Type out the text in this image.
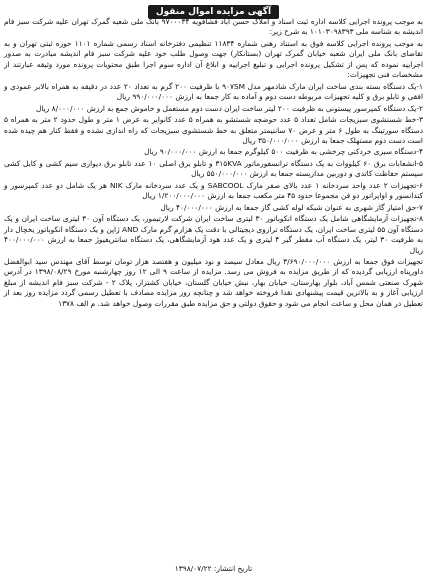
آگهی مزایده اموال منقول

به موجب پرونده اجرایی کلاسه اداره ثبت اسناد و املاک حسن آباد فشافویه ۹۷۰۰۰۳۴ بانک ملی شعبه گمرک تهران علیه شرکت سبز فام اندیشه به شناسه ملی ۱۰۱۰۳۰۹۸۳۹۳ به شرح زیر:

به موجب پرونده اجرایی کلاسه فوق به استناد رهنی شماره ۱۱۸۳۴ تنظیمی دفترخانه اسناد رسمی شماره ۱۱۰۱ حوزه ثبتی تهران و به تقاضای بانک ملی ایران شعبه خیابان گمرک تهران (بستانکار) جهت وصول طلب خود علیه شرکت سبز فام اندیشه مبادرت به صدور اجراییه نموده که پس از تشکیل پرونده اجرایی و تبلیغ اجراییه و ابلاغ آن اداره سوم اجرا طبق محتویات پرونده مورد وثیقه عبارتند از مشخصات فنی تجهیزات:

۱-یک دستگاه بسته بندی ساخت ایران مارک شادمهر مدل ۹۰۷SM با ظرفیت ۲۰۰ گرم به تعداد ۲۰ عدد در دقیقه به همراه بالابر عمودی و افقی و تابلو برق و کلیه تجهیزات مربوطه دست دوم و آماده به کار جمعا به ارزش ۹۹۰/۰۰۰/۰۰۰ ریال

۲-یک دستگاه کمپرسور پیستونی به ظرفیت ۲۰۰ لیتر ساخت ایران دست دوم مستعمل و خاموش جمع به ارزش ۸/۰۰۰/۰۰۰ ریال

۳-خط شستشوی سبزیجات شامل تعداد ۵ عدد حوضچه شستشو به همراه ۵ عدد کانوایر به عرض ۱ متر و طول حدود ۲ متر به همراه ۵ دستگاه سورتینگ به طول ۶ متر و عرض ۷۰ سانتیمتر متعلق به خط شستشوی سبزیجات که راه اندازی نشده و فقط کنار هم چیده شده است دست دوم مستهلک جمعا به ارزش ۳۵۰/۰۰۰/۰۰۰ ریال

۴-دستگاه سبزی خردکنی چرخشی به ظرفیت ۵۰۰ کیلوگرم جمعا به ارزش ۹۰/۰۰۰/۰۰۰ ریال

۵-انشعابات برق ۶۰ کیلووات به یک دستگاه ترانسفورماتور ۳۱۵KVA و تابلو برق اصلی ۱۰ عدد تابلو برق دیواری سیم کشی و کابل کشی سیستم حفاظت کاتدی و دوربین مداربسته جمعا به ارزش ۵۵۰/۰۰۰/۰۰۰ ریال

۶-تجهیزات ۲ عدد واحد سردخانه ۱ عدد بالای صفر مارک SABCOOL و یک عدد سردخانه مارک NIK هر یک شامل دو عدد کمپرسور و کندانسور و اواپراتور دو فن مجموعا حدود ۴۵ متر مکعب جمعا به ارزش ۱/۲۰۰/۰۰۰/۰۰۰ ریال

۷-حق امتیاز گاز شهری به عنوان شبکه لوله کشی گاز جمعا به ارزش ۴۰/۰۰۰/۰۰۰ ریال

۸-تجهیزات آزمایشگاهی شامل یک دستگاه انکوباتور ۳۰ لیتری ساخت ایران شرکت لارتیمور، یک دستگاه آون ۳۰ لیتری ساخت ایران و یک دستگاه آون ۵۵ لیتری ساخت ایران، یک دستگاه ترازوی دیجیتالی با دقت یک هزارم گرم مارک AND ژاپن و یک دستگاه انکوباتور یخچال دار به ظرفیت ۳۰ لیتر، یک دستگاه آب مقطر گیر ۴ لیتری و یک عدد هود آزمایشگاهی، یک دستگاه سانتریفیوژ جمعا به ارزش ۴۰۰/۰۰۰/۰۰۰ ریال

تجهیزات فوق جمعا به ارزش ۳/۶۹۰/۰۰۰/۰۰۰ ریال معادل سیصد و نود میلیون و هفتصد هزار تومان توسط آقای مهندس سید ابوالفضل داورپناه ارزیابی گردیده که از طریق مزایده به فروش می رسد. مزایده از ساعت ۹ الی ۱۲ روز چهارشنبه مورخ ۱۳۹۸/۰۸/۲۹ در آدرس شهرک صنعتی شمس آباد، بلوار بهارستان، خیابان بهار، نبش خیابان گلستان، خیابان کشتزار، پلاک ۲ - شرکت سبز فام اندیشه از مبلغ ارزیابی آغاز و به بالاترین قیمت پیشنهادی نقدا فروخته خواهد شد و چنانچه روز مزایده مصادف با تعطیل رسمی گردد مزایده روز بعد از تعطیل در همان محل و ساعت انجام می شود و حقوق دولتی و حق مزایده طبق مقررات وصول خواهد شد. م الف ۱۳۷۸

تاریخ انتشار: ۱۳۹۸/۰۷/۲۲
